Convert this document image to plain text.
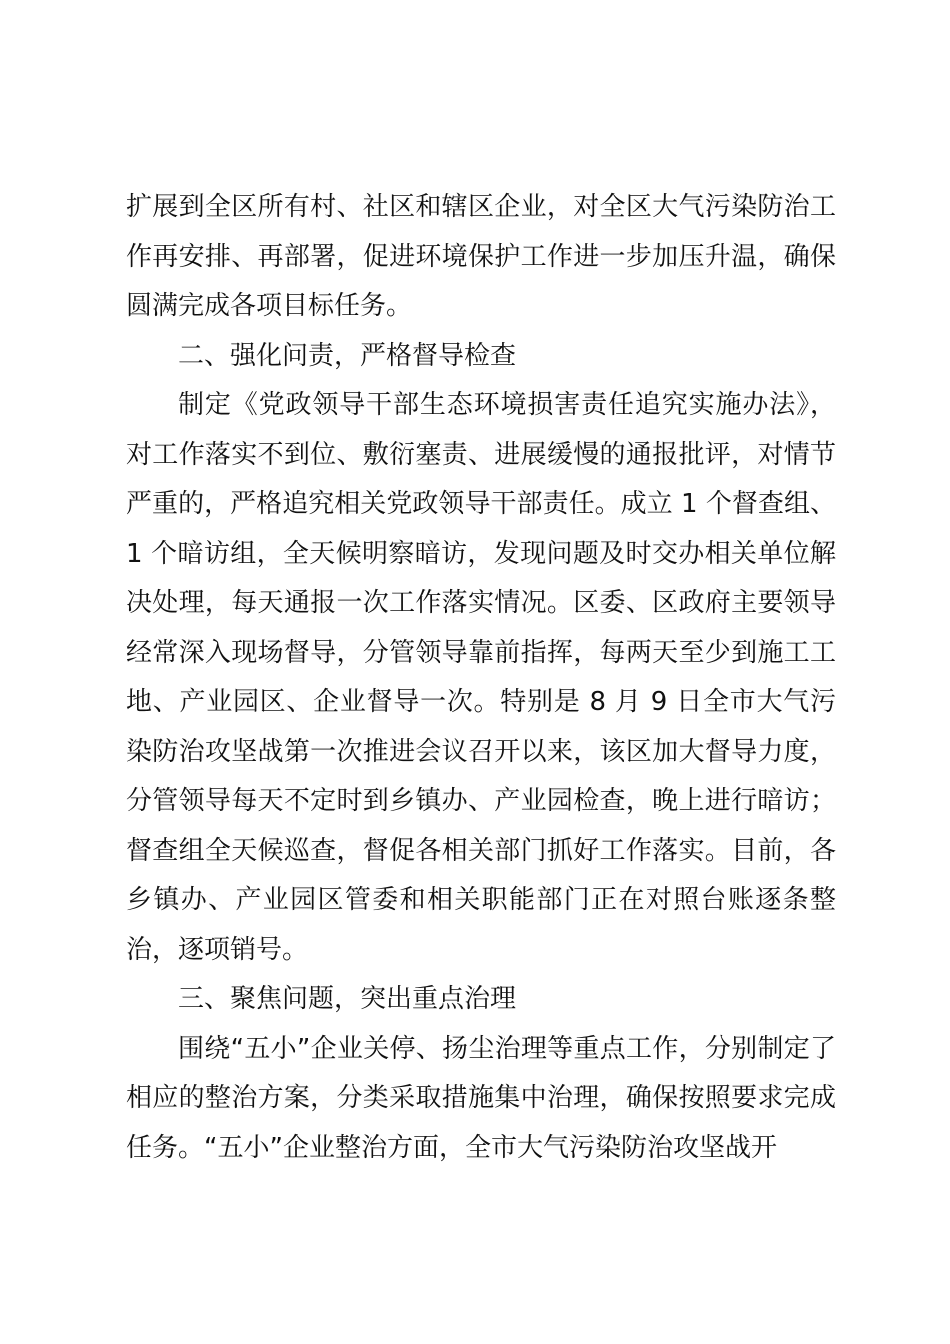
扩展到全区所有村、社区和辖区企业，对全区大气污染防治工作再安排、再部署，促进环境保护工作进一步加压升温，确保圆满完成各项目标任务。

二、强化问责，严格督导检查

制定《党政领导干部生态环境损害责任追究实施办法》，对工作落实不到位、敷衍塞责、进展缓慢的通报批评，对情节严重的，严格追究相关党政领导干部责任。成立 1 个督查组、1 个暗访组，全天候明察暗访，发现问题及时交办相关单位解决处理，每天通报一次工作落实情况。区委、区政府主要领导经常深入现场督导，分管领导靠前指挥，每两天至少到施工工地、产业园区、企业督导一次。特别是 8 月 9 日全市大气污染防治攻坚战第一次推进会议召开以来，该区加大督导力度，分管领导每天不定时到乡镇办、产业园检查，晚上进行暗访；督查组全天候巡查，督促各相关部门抓好工作落实。目前，各乡镇办、产业园区管委和相关职能部门正在对照台账逐条整治，逐项销号。

三、聚焦问题，突出重点治理

围绕“五小”企业关停、扬尘治理等重点工作，分别制定了相应的整治方案，分类采取措施集中治理，确保按照要求完成任务。“五小”企业整治方面，全市大气污染防治攻坚战开
